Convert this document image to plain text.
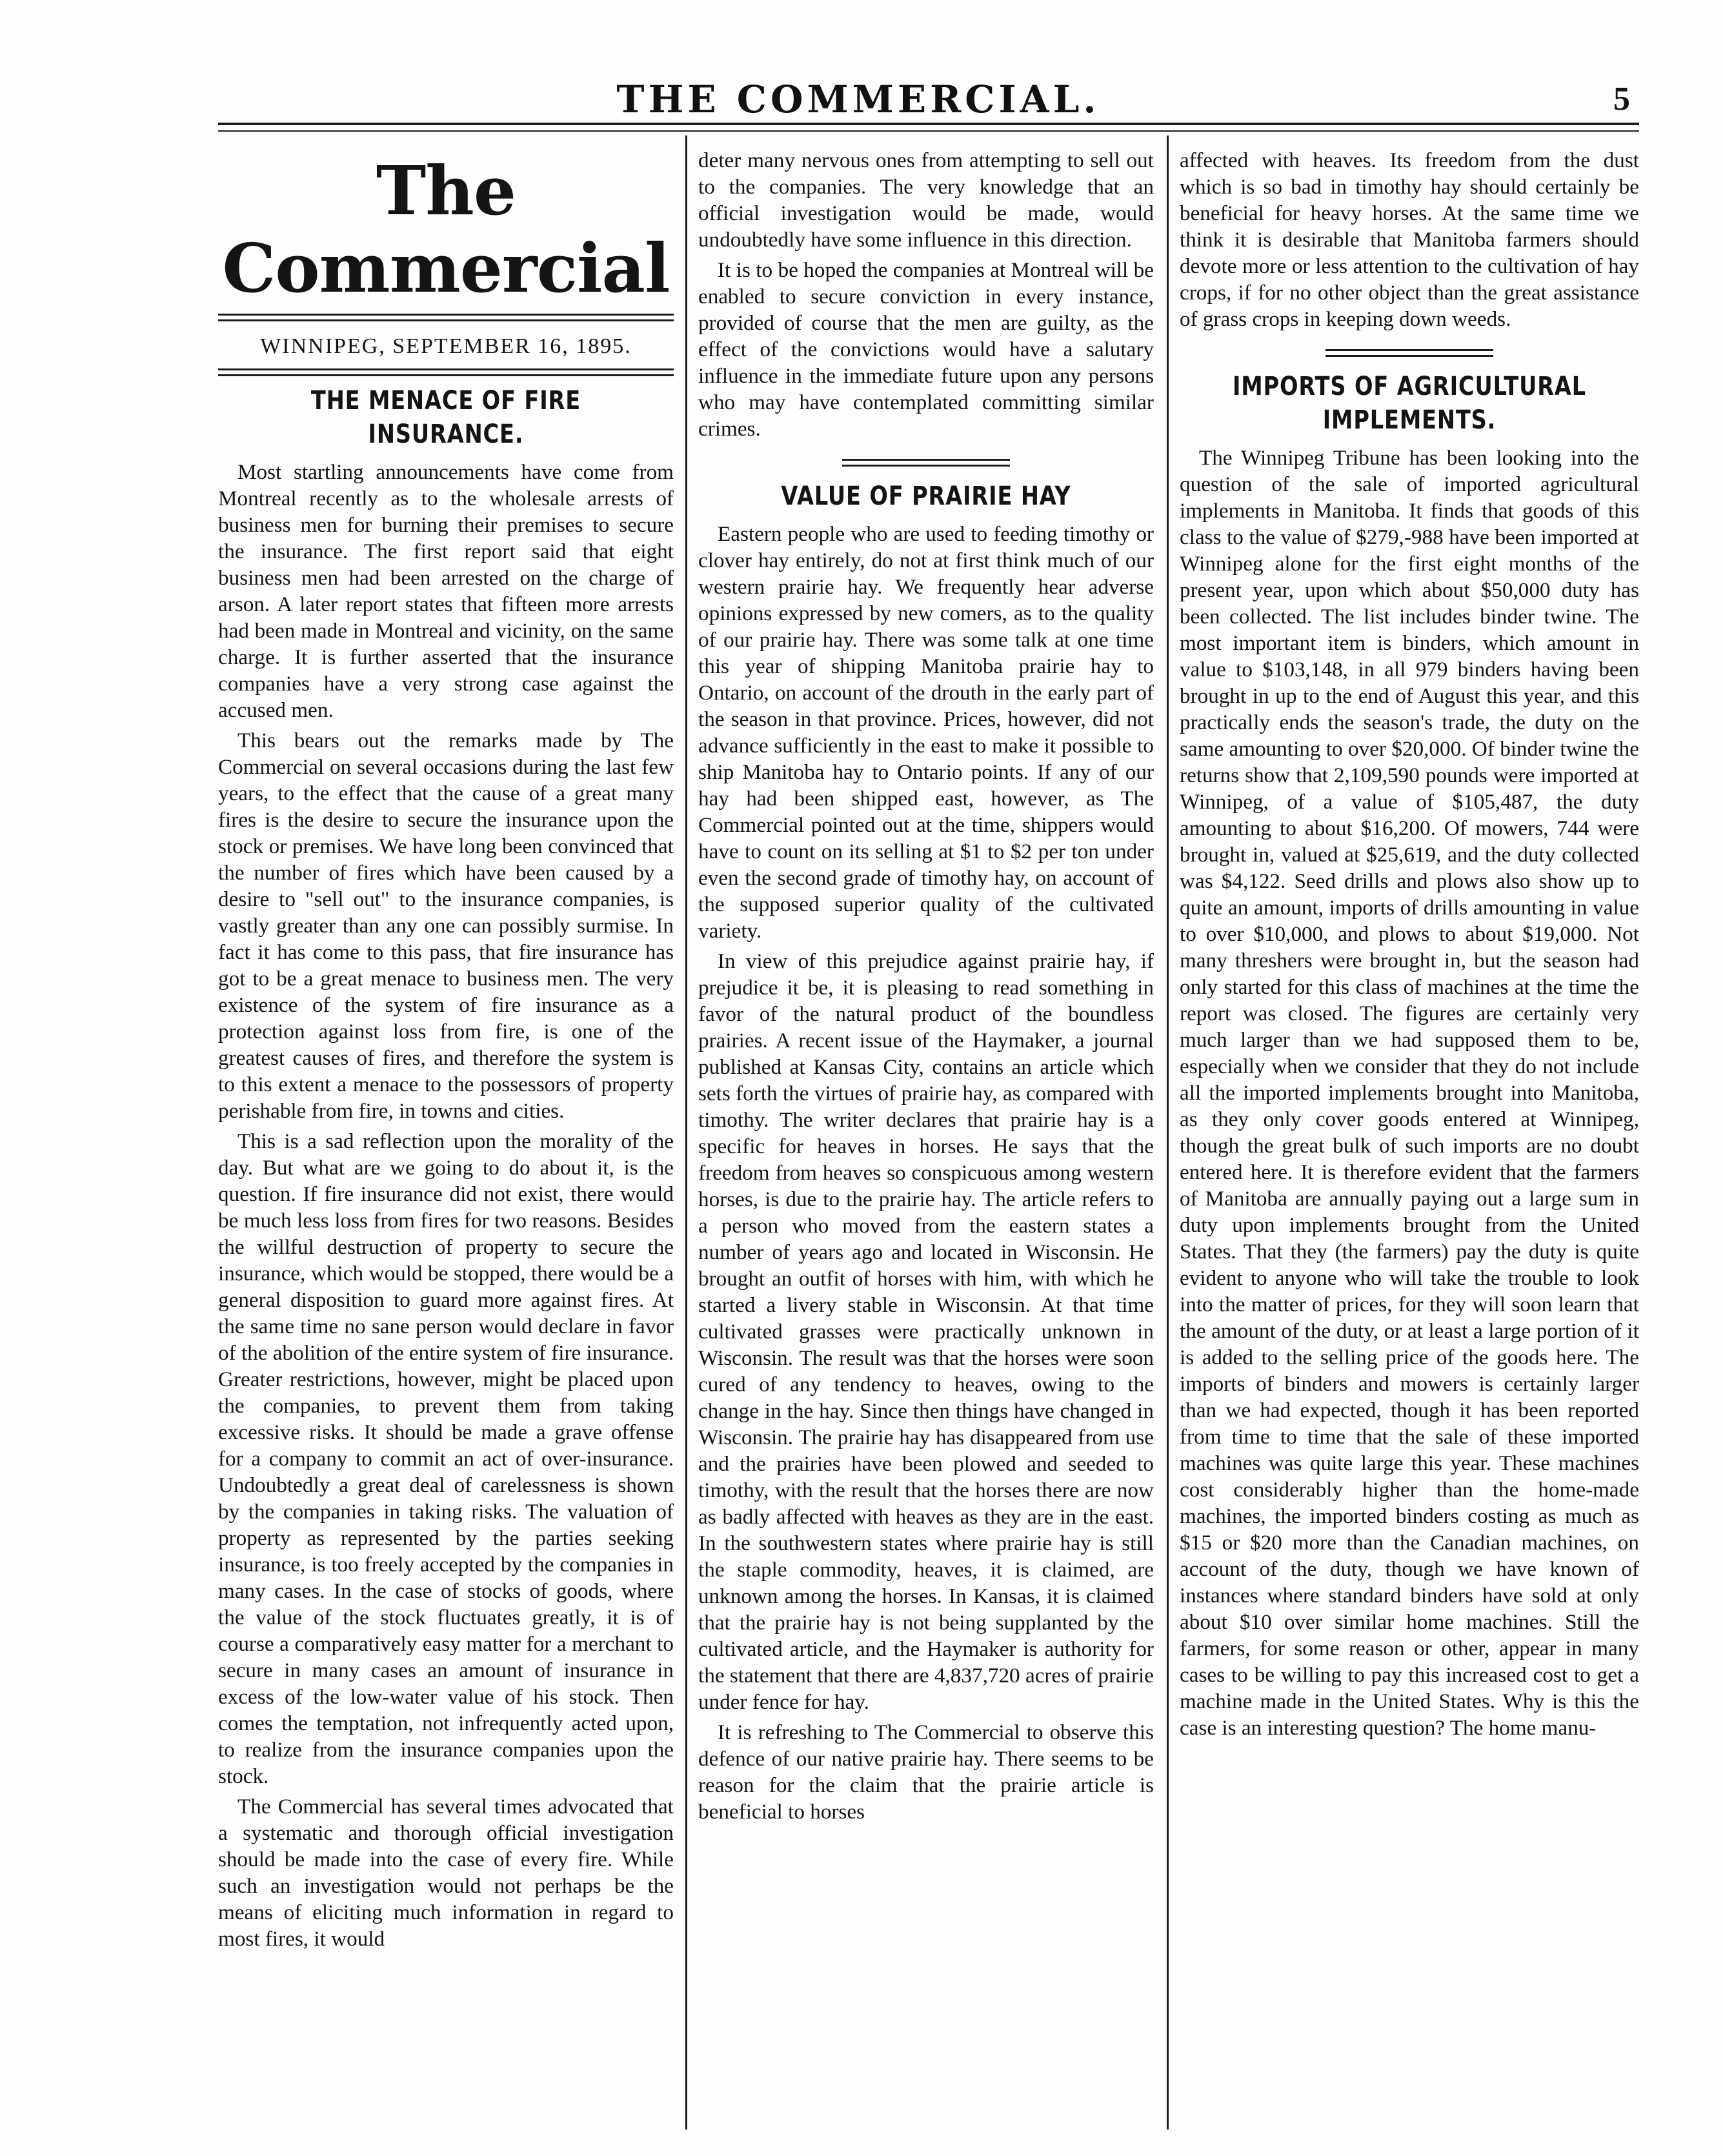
THE COMMERCIAL.	5
The Commercial
WINNIPEG, SEPTEMBER 16, 1895.
THE MENACE OF FIRE INSURANCE.

Most startling announcements have come from Montreal recently as to the wholesale arrests of business men for burning their premises to secure the insurance. The first report said that eight business men had been arrested on the charge of arson. A later report states that fifteen more arrests had been made in Montreal and vicinity, on the same charge. It is further asserted that the insurance companies have a very strong case against the accused men.

This bears out the remarks made by The Commercial on several occasions during the last few years, to the effect that the cause of a great many fires is the desire to secure the insurance upon the stock or premises. We have long been convinced that the number of fires which have been caused by a desire to "sell out" to the insurance companies, is vastly greater than any one can possibly surmise. In fact it has come to this pass, that fire insurance has got to be a great menace to business men. The very existence of the system of fire insurance as a protection against loss from fire, is one of the greatest causes of fires, and therefore the system is to this extent a menace to the possessors of property perishable from fire, in towns and cities.

This is a sad reflection upon the morality of the day. But what are we going to do about it, is the question. If fire insurance did not exist, there would be much less loss from fires for two reasons. Besides the willful destruction of property to secure the insurance, which would be stopped, there would be a general disposition to guard more against fires. At the same time no sane person would declare in favor of the abolition of the entire system of fire insurance. Greater restrictions, however, might be placed upon the companies, to prevent them from taking excessive risks. It should be made a grave offense for a company to commit an act of over-insurance. Undoubtedly a great deal of carelessness is shown by the companies in taking risks. The valuation of property as represented by the parties seeking insurance, is too freely accepted by the companies in many cases. In the case of stocks of goods, where the value of the stock fluctuates greatly, it is of course a comparatively easy matter for a merchant to secure in many cases an amount of insurance in excess of the low-water value of his stock. Then comes the temptation, not infrequently acted upon, to realize from the insurance companies upon the stock.

The Commercial has several times advocated that a systematic and thorough official investigation should be made into the case of every fire. While such an investigation would not perhaps be the means of eliciting much information in regard to most fires, it would

deter many nervous ones from attempting to sell out to the companies. The very knowledge that an official investigation would be made, would undoubtedly have some influence in this direction.

It is to be hoped the companies at Montreal will be enabled to secure conviction in every instance, provided of course that the men are guilty, as the effect of the convictions would have a salutary influence in the immediate future upon any persons who may have contemplated committing similar crimes.

VALUE OF PRAIRIE HAY

Eastern people who are used to feeding timothy or clover hay entirely, do not at first think much of our western prairie hay. We frequently hear adverse opinions expressed by new comers, as to the quality of our prairie hay. There was some talk at one time this year of shipping Manitoba prairie hay to Ontario, on account of the drouth in the early part of the season in that province. Prices, however, did not advance sufficiently in the east to make it possible to ship Manitoba hay to Ontario points. If any of our hay had been shipped east, however, as The Commercial pointed out at the time, shippers would have to count on its selling at $1 to $2 per ton under even the second grade of timothy hay, on account of the supposed superior quality of the cultivated variety.

In view of this prejudice against prairie hay, if prejudice it be, it is pleasing to read something in favor of the natural product of the boundless prairies. A recent issue of the Haymaker, a journal published at Kansas City, contains an article which sets forth the virtues of prairie hay, as compared with timothy. The writer declares that prairie hay is a specific for heaves in horses. He says that the freedom from heaves so conspicuous among western horses, is due to the prairie hay. The article refers to a person who moved from the eastern states a number of years ago and located in Wisconsin. He brought an outfit of horses with him, with which he started a livery stable in Wisconsin. At that time cultivated grasses were practically unknown in Wisconsin. The result was that the horses were soon cured of any tendency to heaves, owing to the change in the hay. Since then things have changed in Wisconsin. The prairie hay has disappeared from use and the prairies have been plowed and seeded to timothy, with the result that the horses there are now as badly affected with heaves as they are in the east. In the southwestern states where prairie hay is still the staple commodity, heaves, it is claimed, are unknown among the horses. In Kansas, it is claimed that the prairie hay is not being supplanted by the cultivated article, and the Haymaker is authority for the statement that there are 4,837,720 acres of prairie under fence for hay.

It is refreshing to The Commercial to observe this defence of our native prairie hay. There seems to be reason for the claim that the prairie article is beneficial to horses

affected with heaves. Its freedom from the dust which is so bad in timothy hay should certainly be beneficial for heavy horses. At the same time we think it is desirable that Manitoba farmers should devote more or less attention to the cultivation of hay crops, if for no other object than the great assistance of grass crops in keeping down weeds.

IMPORTS OF AGRICULTURAL
IMPLEMENTS.

The Winnipeg Tribune has been looking into the question of the sale of imported agricultural implements in Manitoba. It finds that goods of this class to the value of $279,-988 have been imported at Winnipeg alone for the first eight months of the present year, upon which about $50,000 duty has been collected. The list includes binder twine. The most important item is binders, which amount in value to $103,148, in all 979 binders having been brought in up to the end of August this year, and this practically ends the season's trade, the duty on the same amounting to over $20,000. Of binder twine the returns show that 2,109,590 pounds were imported at Winnipeg, of a value of $105,487, the duty amounting to about $16,200. Of mowers, 744 were brought in, valued at $25,619, and the duty collected was $4,122. Seed drills and plows also show up to quite an amount, imports of drills amounting in value to over $10,000, and plows to about $19,000. Not many threshers were brought in, but the season had only started for this class of machines at the time the report was closed. The figures are certainly very much larger than we had supposed them to be, especially when we consider that they do not include all the imported implements brought into Manitoba, as they only cover goods entered at Winnipeg, though the great bulk of such imports are no doubt entered here. It is therefore evident that the farmers of Manitoba are annually paying out a large sum in duty upon implements brought from the United States. That they (the farmers) pay the duty is quite evident to anyone who will take the trouble to look into the matter of prices, for they will soon learn that the amount of the duty, or at least a large portion of it is added to the selling price of the goods here. The imports of binders and mowers is certainly larger than we had expected, though it has been reported from time to time that the sale of these imported machines was quite large this year. These machines cost considerably higher than the home-made machines, the imported binders costing as much as $15 or $20 more than the Canadian machines, on account of the duty, though we have known of instances where standard binders have sold at only about $10 over similar home machines. Still the farmers, for some reason or other, appear in many cases to be willing to pay this increased cost to get a machine made in the United States. Why is this the case is an interesting question? The home manu-
